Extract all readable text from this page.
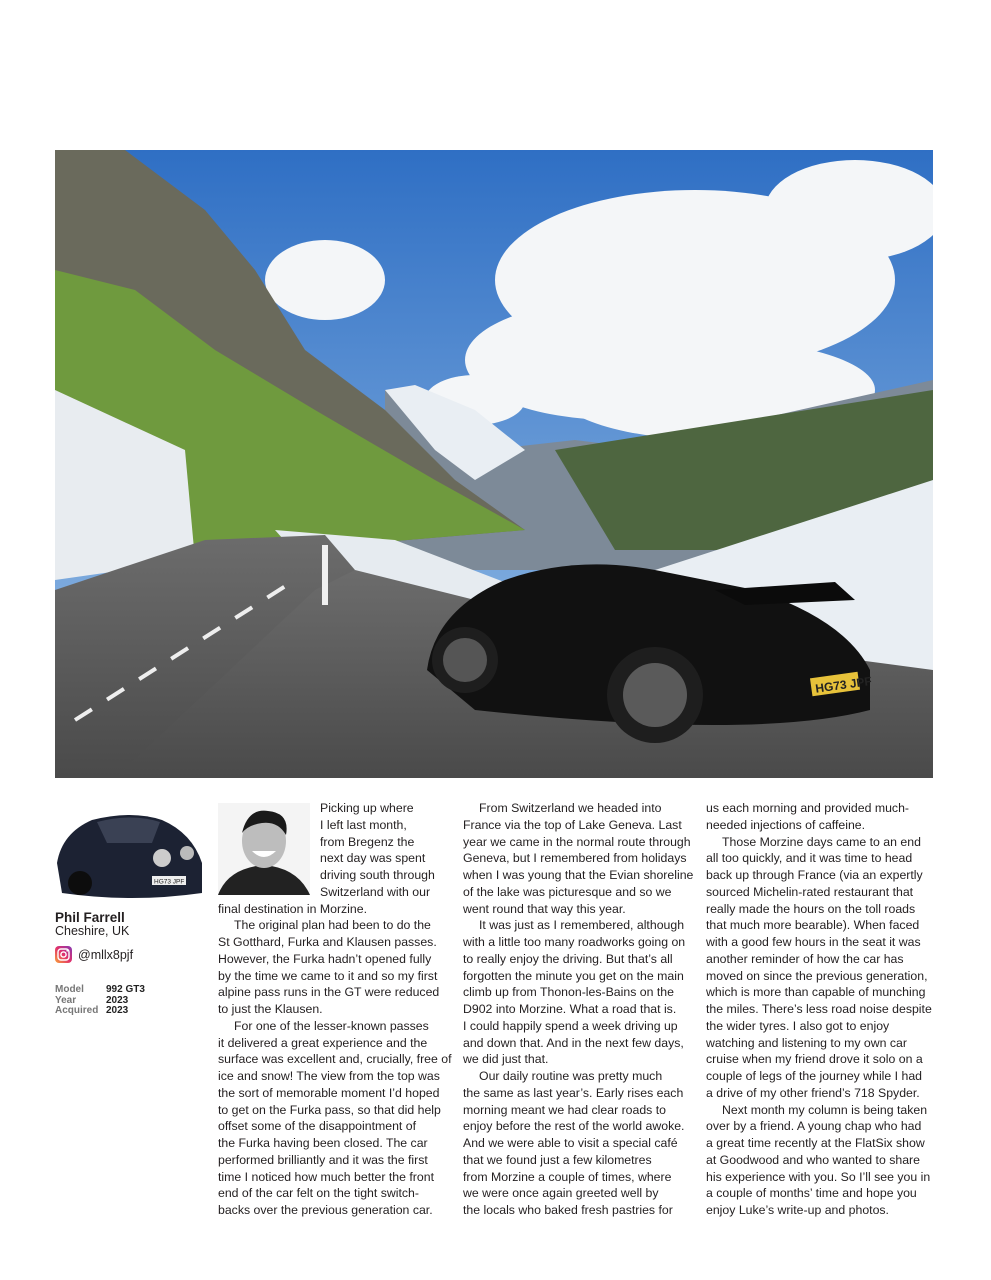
HG73 JPF
HG73 JPF
Phil Farrell
Cheshire, UK
@mllx8pjf
Model	992 GT3
Year	2023
Acquired 2023
Picking up where
I left last month,
from Bregenz the
next day was spent
driving south through
Switzerland with our
final destination in Morzine.
The original plan had been to do the
St Gotthard, Furka and Klausen passes.
However, the Furka hadn’t opened fully
by the time we came to it and so my first
alpine pass runs in the GT were reduced
to just the Klausen.
For one of the lesser-known passes
it delivered a great experience and the
surface was excellent and, crucially, free of
ice and snow! The view from the top was
the sort of memorable moment I’d hoped
to get on the Furka pass, so that did help
offset some of the disappointment of
the Furka having been closed. The car
performed brilliantly and it was the first
time I noticed how much better the front
end of the car felt on the tight switch-
backs over the previous generation car.
From Switzerland we headed into
France via the top of Lake Geneva. Last
year we came in the normal route through
Geneva, but I remembered from holidays
when I was young that the Evian shoreline
of the lake was picturesque and so we
went round that way this year.
It was just as I remembered, although
with a little too many roadworks going on
to really enjoy the driving. But that’s all
forgotten the minute you get on the main
climb up from Thonon-les-Bains on the
D902 into Morzine. What a road that is.
I could happily spend a week driving up
and down that. And in the next few days,
we did just that.
Our daily routine was pretty much
the same as last year’s. Early rises each
morning meant we had clear roads to
enjoy before the rest of the world awoke.
And we were able to visit a special café
that we found just a few kilometres
from Morzine a couple of times, where
we were once again greeted well by
the locals who baked fresh pastries for
us each morning and provided much-
needed injections of caffeine.
Those Morzine days came to an end
all too quickly, and it was time to head
back up through France (via an expertly
sourced Michelin-rated restaurant that
really made the hours on the toll roads
that much more bearable). When faced
with a good few hours in the seat it was
another reminder of how the car has
moved on since the previous generation,
which is more than capable of munching
the miles. There’s less road noise despite
the wider tyres. I also got to enjoy
watching and listening to my own car
cruise when my friend drove it solo on a
couple of legs of the journey while I had
a drive of my other friend’s 718 Spyder.
Next month my column is being taken
over by a friend. A young chap who had
a great time recently at the FlatSix show
at Goodwood and who wanted to share
his experience with you. So I’ll see you in
a couple of months’ time and hope you
enjoy Luke’s write-up and photos.
